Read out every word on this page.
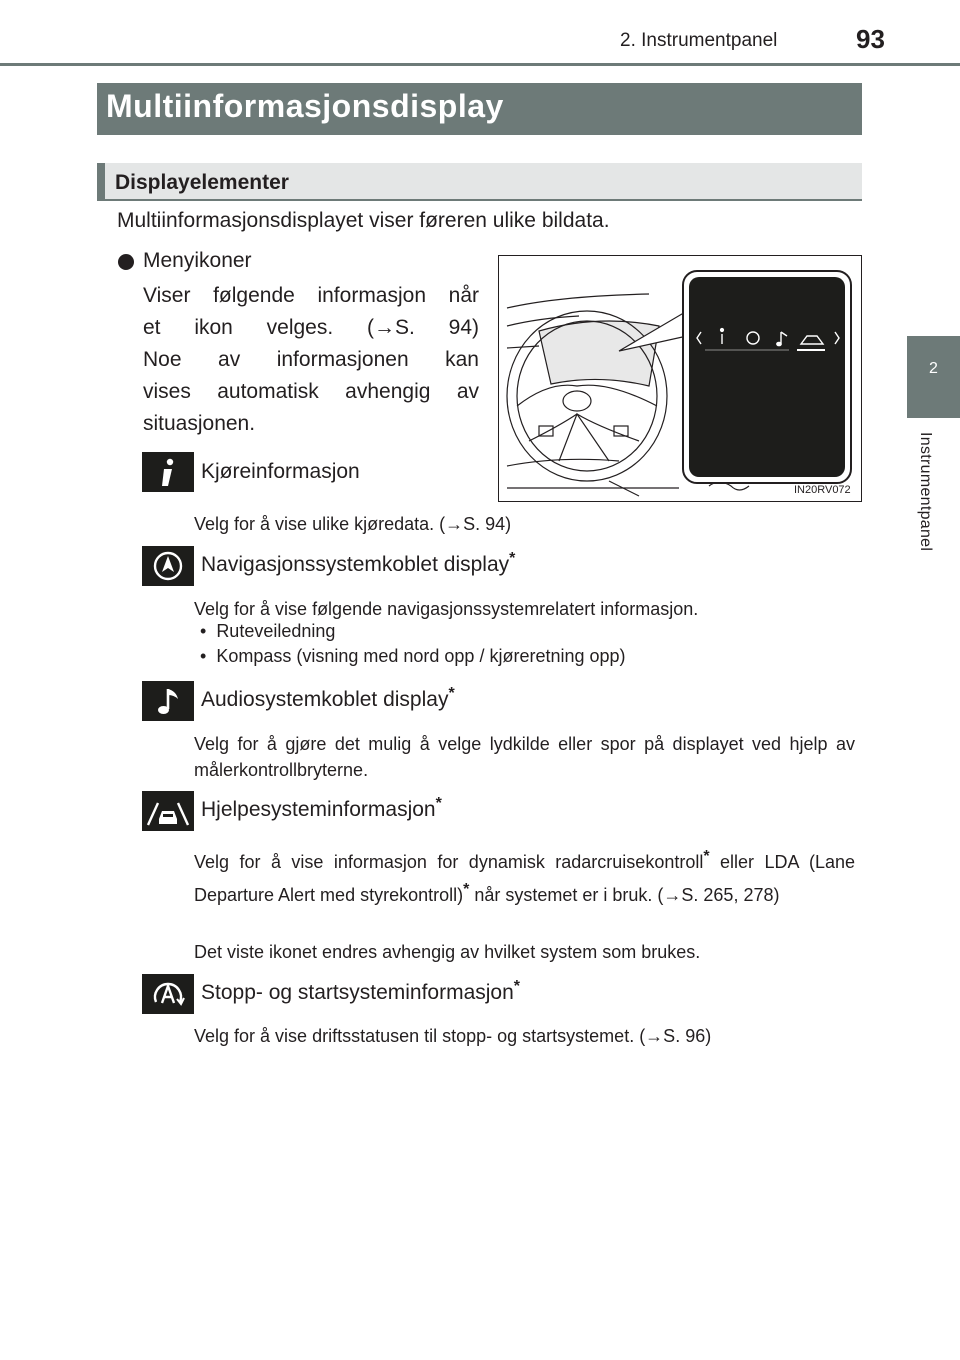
2. Instrumentpanel	93
2
Instrumentpanel
Multiinformasjonsdisplay
Displayelementer
Multiinformasjonsdisplayet viser føreren ulike bildata.
Menyikoner
Viser følgende informasjon når
et ikon velges. (→S. 94)
Noe av informasjonen kan
vises automatisk avhengig av
situasjonen.
IN20RV072
Kjøreinformasjon
Velg for å vise ulike kjøredata. (→S. 94)
Navigasjonssystemkoblet display*
Velg for å vise følgende navigasjonssystemrelatert informasjon.
•  Ruteveiledning
•  Kompass (visning med nord opp / kjøreretning opp)
Audiosystemkoblet display*
Velg for å gjøre det mulig å velge lydkilde eller spor på displayet ved hjelp av målerkontrollbryterne.
Hjelpesysteminformasjon*
Velg for å vise informasjon for dynamisk radarcruisekontroll* eller LDA (Lane Departure Alert med styrekontroll)* når systemet er i bruk. (→S. 265, 278)
Det viste ikonet endres avhengig av hvilket system som brukes.
Stopp- og startsysteminformasjon*
Velg for å vise driftsstatusen til stopp- og startsystemet. (→S. 96)
